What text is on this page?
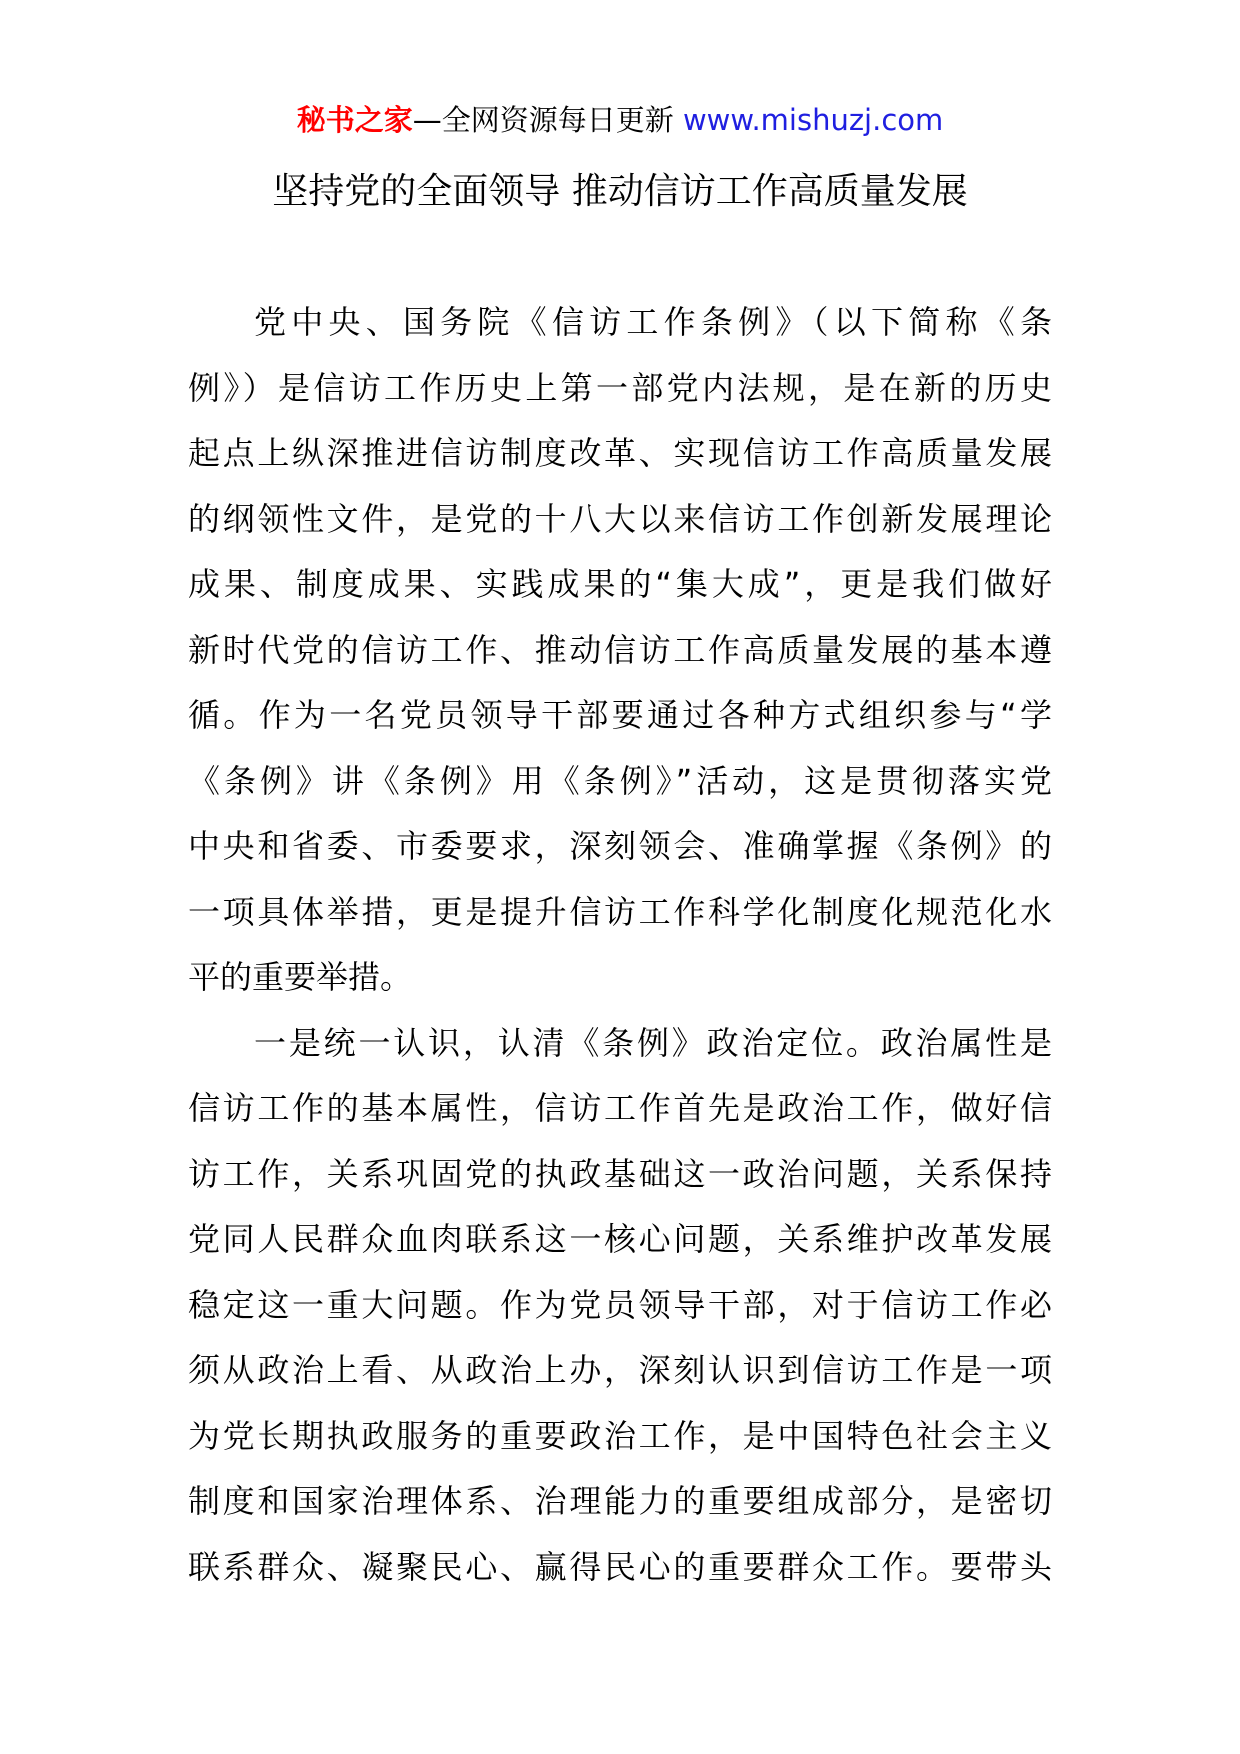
秘书之家—全网资源每日更新 www.mishuzj.com
坚持党的全面领导 推动信访工作高质量发展
党中央、国务院《信访工作条例》（以下简称《条
例》）是信访工作历史上第一部党内法规，是在新的历史
起点上纵深推进信访制度改革、实现信访工作高质量发展
的纲领性文件，是党的十八大以来信访工作创新发展理论
成果、制度成果、实践成果的“集大成”，更是我们做好
新时代党的信访工作、推动信访工作高质量发展的基本遵
循。作为一名党员领导干部要通过各种方式组织参与“学
《条例》讲《条例》用《条例》”活动，这是贯彻落实党
中央和省委、市委要求，深刻领会、准确掌握《条例》的
一项具体举措，更是提升信访工作科学化制度化规范化水
平的重要举措。
一是统一认识，认清《条例》政治定位。政治属性是
信访工作的基本属性，信访工作首先是政治工作，做好信
访工作，关系巩固党的执政基础这一政治问题，关系保持
党同人民群众血肉联系这一核心问题，关系维护改革发展
稳定这一重大问题。作为党员领导干部，对于信访工作必
须从政治上看、从政治上办，深刻认识到信访工作是一项
为党长期执政服务的重要政治工作，是中国特色社会主义
制度和国家治理体系、治理能力的重要组成部分，是密切
联系群众、凝聚民心、赢得民心的重要群众工作。要带头
